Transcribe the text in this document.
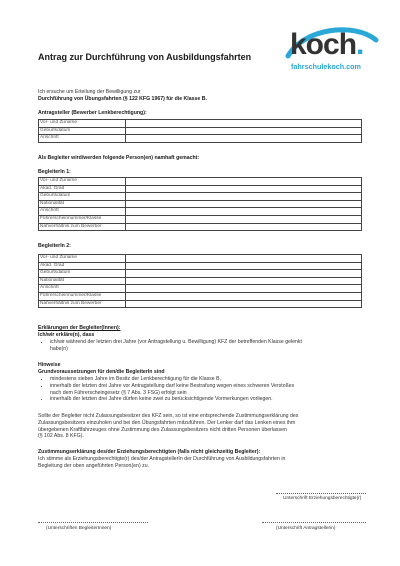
Antrag zur Durchführung von Ausbildungsfahrten koch.
fahrschulekoch.com
Ich ersuche um Erteilung der Bewilligung zur
Durchführung von Übungsfahrten (§ 122 KFG 1967) für die Klasse B.
Antragsteller (Bewerber Lenkberechtigung):
Vor- und Zuname	
Geburtsdatum	
Anschrift	
Als Begleiter wird/werden folgende Person(en) namhaft gemacht:
BegleiterIn 1:
Vor- und Zuname	
Akad. Grad	
Geburtsdatum	
Nationalität	
Anschrift	
Führerscheinnummer/Klasse	
Nahverhältnis zum Bewerber	
BegleiterIn 2:
Vor- und Zuname	
Akad. Grad	
Geburtsdatum	
Nationalität	
Anschrift	
Führerscheinnummer/Klasse	
Nahverhältnis zum Bewerber	
Erklärungen der Begleiter(Innen):
Ich/wir erkläre(n), dass
• ich/wir während der letzten drei Jahre (vor Antragstellung u. Bewilligung) KFZ der betreffenden Klasse gelenkt
habe(n)
Hinweise
Grundvoraussetzungen für den/die BegleiterIn sind
• mindestens sieben Jahre im Besitz der Lenkberechtigung für die Klasse B,
• innerhalb der letzten drei Jahre vor Antragstellung darf keine Bestrafung wegen eines schweren Verstoßes
nach dem Führerscheingesetz (§ 7 Abs. 3 FSG) erfolgt sein
• innerhalb der letzten drei Jahre dürfen keine zwei zu berücksichtigende Vormerkungen vorliegen.
Sollte der Begleiter nicht Zulassungsbesitzer des KFZ sein, so ist eine entsprechende Zustimmungserklärung des
Zulassungsbesitzers einzuholen und bei den Übungsfahrten mitzuführen. Der Lenker darf das Lenken eines ihm
übergebenen Kraftfahrzeuges ohne Zustimmung des Zulassungsbesitzers nicht dritten Personen überlassen
(§ 102 Abs. 8 KFG).
Zustimmungserklärung des/der Erziehungsberechtigten (falls nicht gleichzeitig Begleiter):
Ich stimme als Erziehungsberechtigte(r) des/der AntragstellerIn der Durchführung von Ausbildungsfahrten in
Begleitung der oben angeführten Person(en) zu.
Unterschrift Erziehungsberechtigte(r)
(Unterschriften BegleiterInnen)	(Unterschrift Antragstellerin)
